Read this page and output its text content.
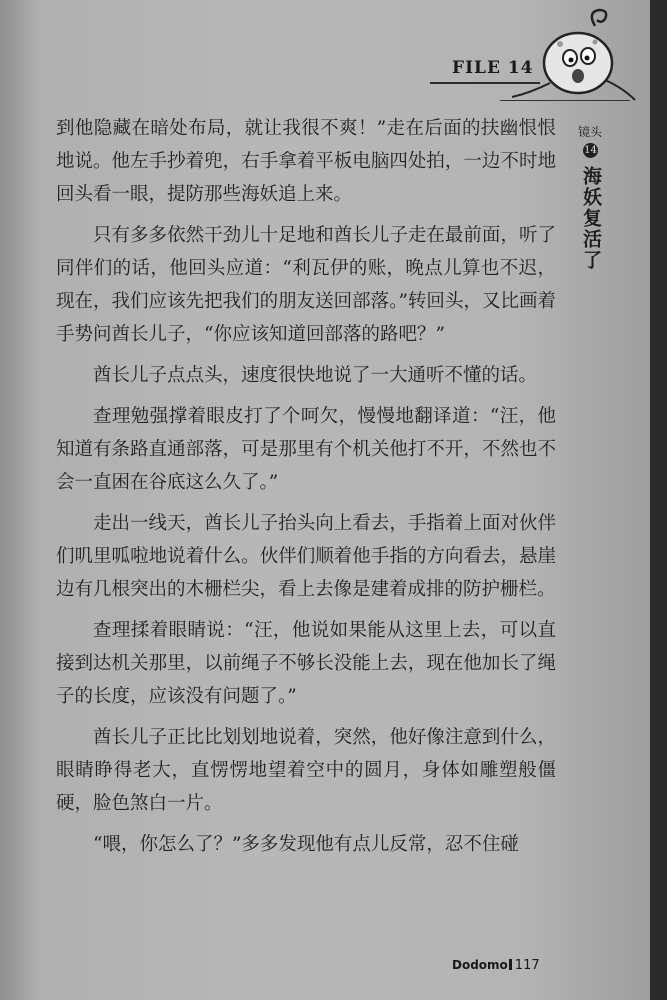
FILE 14
镜头
14
海妖复活了

到他隐藏在暗处布局，就让我很不爽！”走在后面的扶幽恨恨地说。他左手抄着兜，右手拿着平板电脑四处拍，一边不时地回头看一眼，提防那些海妖追上来。

只有多多依然干劲儿十足地和酋长儿子走在最前面，听了同伴们的话，他回头应道：“利瓦伊的账，晚点儿算也不迟，现在，我们应该先把我们的朋友送回部落。”转回头，又比画着手势问酋长儿子，“你应该知道回部落的路吧？”

酋长儿子点点头，速度很快地说了一大通听不懂的话。

查理勉强撑着眼皮打了个呵欠，慢慢地翻译道：“汪，他知道有条路直通部落，可是那里有个机关他打不开，不然也不会一直困在谷底这么久了。”

走出一线天，酋长儿子抬头向上看去，手指着上面对伙伴们叽里呱啦地说着什么。伙伴们顺着他手指的方向看去，悬崖边有几根突出的木栅栏尖，看上去像是建着成排的防护栅栏。

查理揉着眼睛说：“汪，他说如果能从这里上去，可以直接到达机关那里，以前绳子不够长没能上去，现在他加长了绳子的长度，应该没有问题了。”

酋长儿子正比比划划地说着，突然，他好像注意到什么，眼睛睁得老大，直愣愣地望着空中的圆月，身体如雕塑般僵硬，脸色煞白一片。

“喂，你怎么了？”多多发现他有点儿反常，忍不住碰

Dodomo 117
